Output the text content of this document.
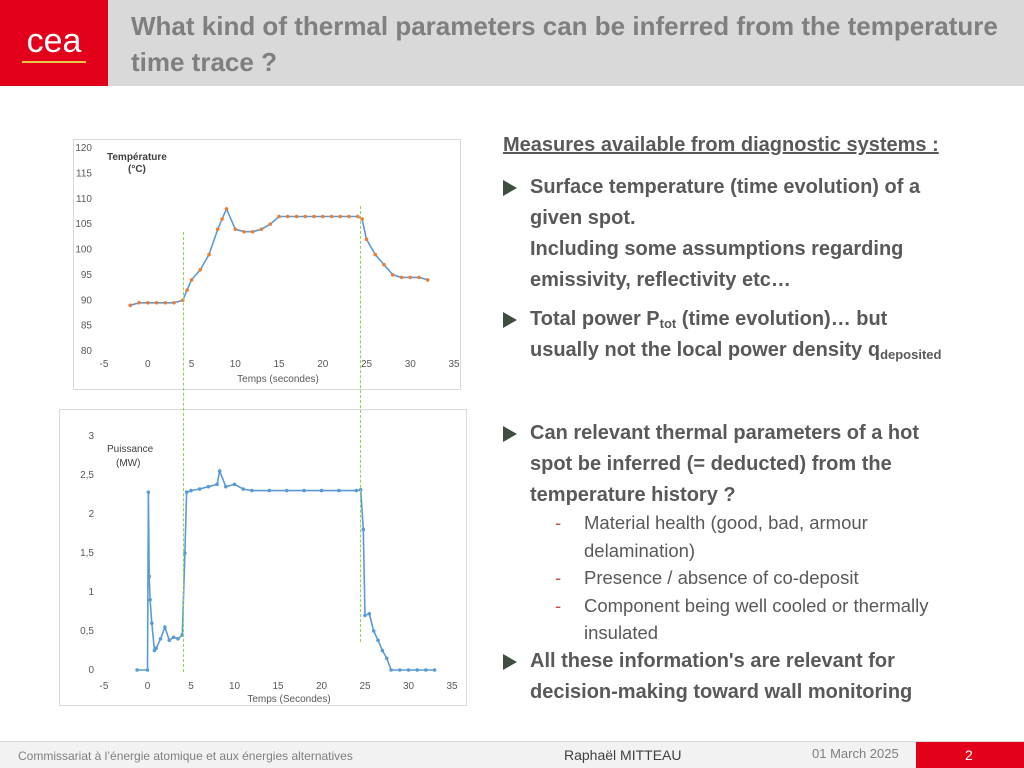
cea What kind of thermal parameters can be inferred from the temperature time trace ?
Température
(°C)
Temps (secondes)
-5	0	5	10	15	20	25	30	35
80
85
90
95
100
105
110
115
120
Puissance
(MW)
Temps (Secondes)
-5	0	5	10	15	20	25	30	35
0
0,5
1
1,5
2
2,5
3
Measures available from diagnostic systems :
Surface temperature (time evolution) of a
given spot.
Including some assumptions regarding
emissivity, reflectivity etc…
Total power $P_{tot}$ (time evolution)… but
usually not the local power density $q_{deposited}$
Can relevant thermal parameters of a hot
spot be inferred (= deducted) from the
temperature history ?
- Material health (good, bad, armour
delamination)
- Presence / absence of co-deposit
- Component being well cooled or thermally
insulated
All these information's are relevant for
decision-making toward wall monitoring
Commissariat à l’énergie atomique et aux énergies alternatives	Raphaël MITTEAU	01 March 2025	2
